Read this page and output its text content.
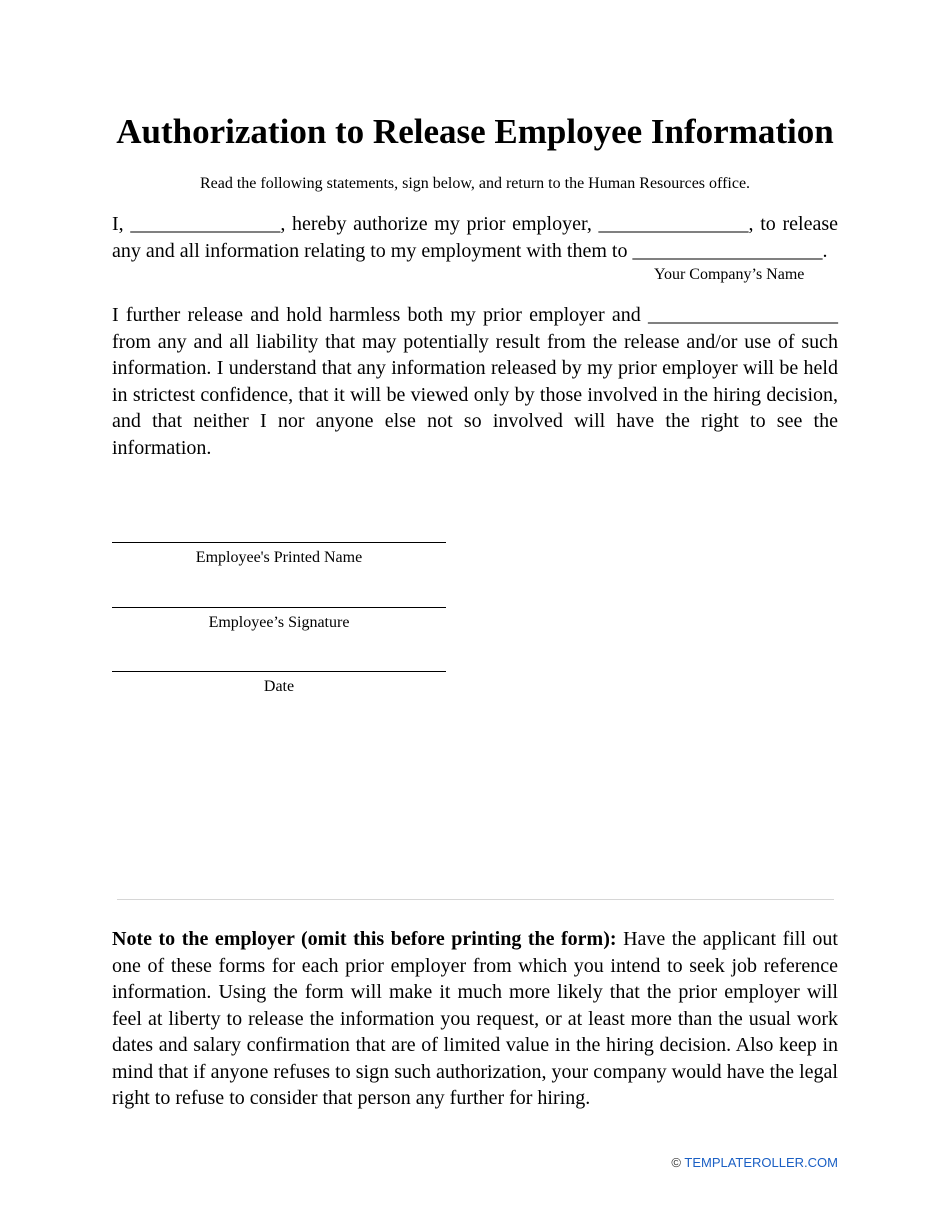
Authorization to Release Employee Information
Read the following statements, sign below, and return to the Human Resources office.
I, _______________, hereby authorize my prior employer, _______________, to release
any and all information relating to my employment with them to ___________________.
Your Company’s Name
I further release and hold harmless both my prior employer and ___________________ from any and all liability that may potentially result from the release and/or use of such information. I understand that any information released by my prior employer will be held in strictest confidence, that it will be viewed only by those involved in the hiring decision, and that neither I nor anyone else not so involved will have the right to see the information.
Employee's Printed Name
Employee’s Signature
Date
Note to the employer (omit this before printing the form): Have the applicant fill out one of these forms for each prior employer from which you intend to seek job reference information. Using the form will make it much more likely that the prior employer will feel at liberty to release the information you request, or at least more than the usual work dates and salary confirmation that are of limited value in the hiring decision. Also keep in mind that if anyone refuses to sign such authorization, your company would have the legal right to refuse to consider that person any further for hiring.
© TEMPLATEROLLER.COM
